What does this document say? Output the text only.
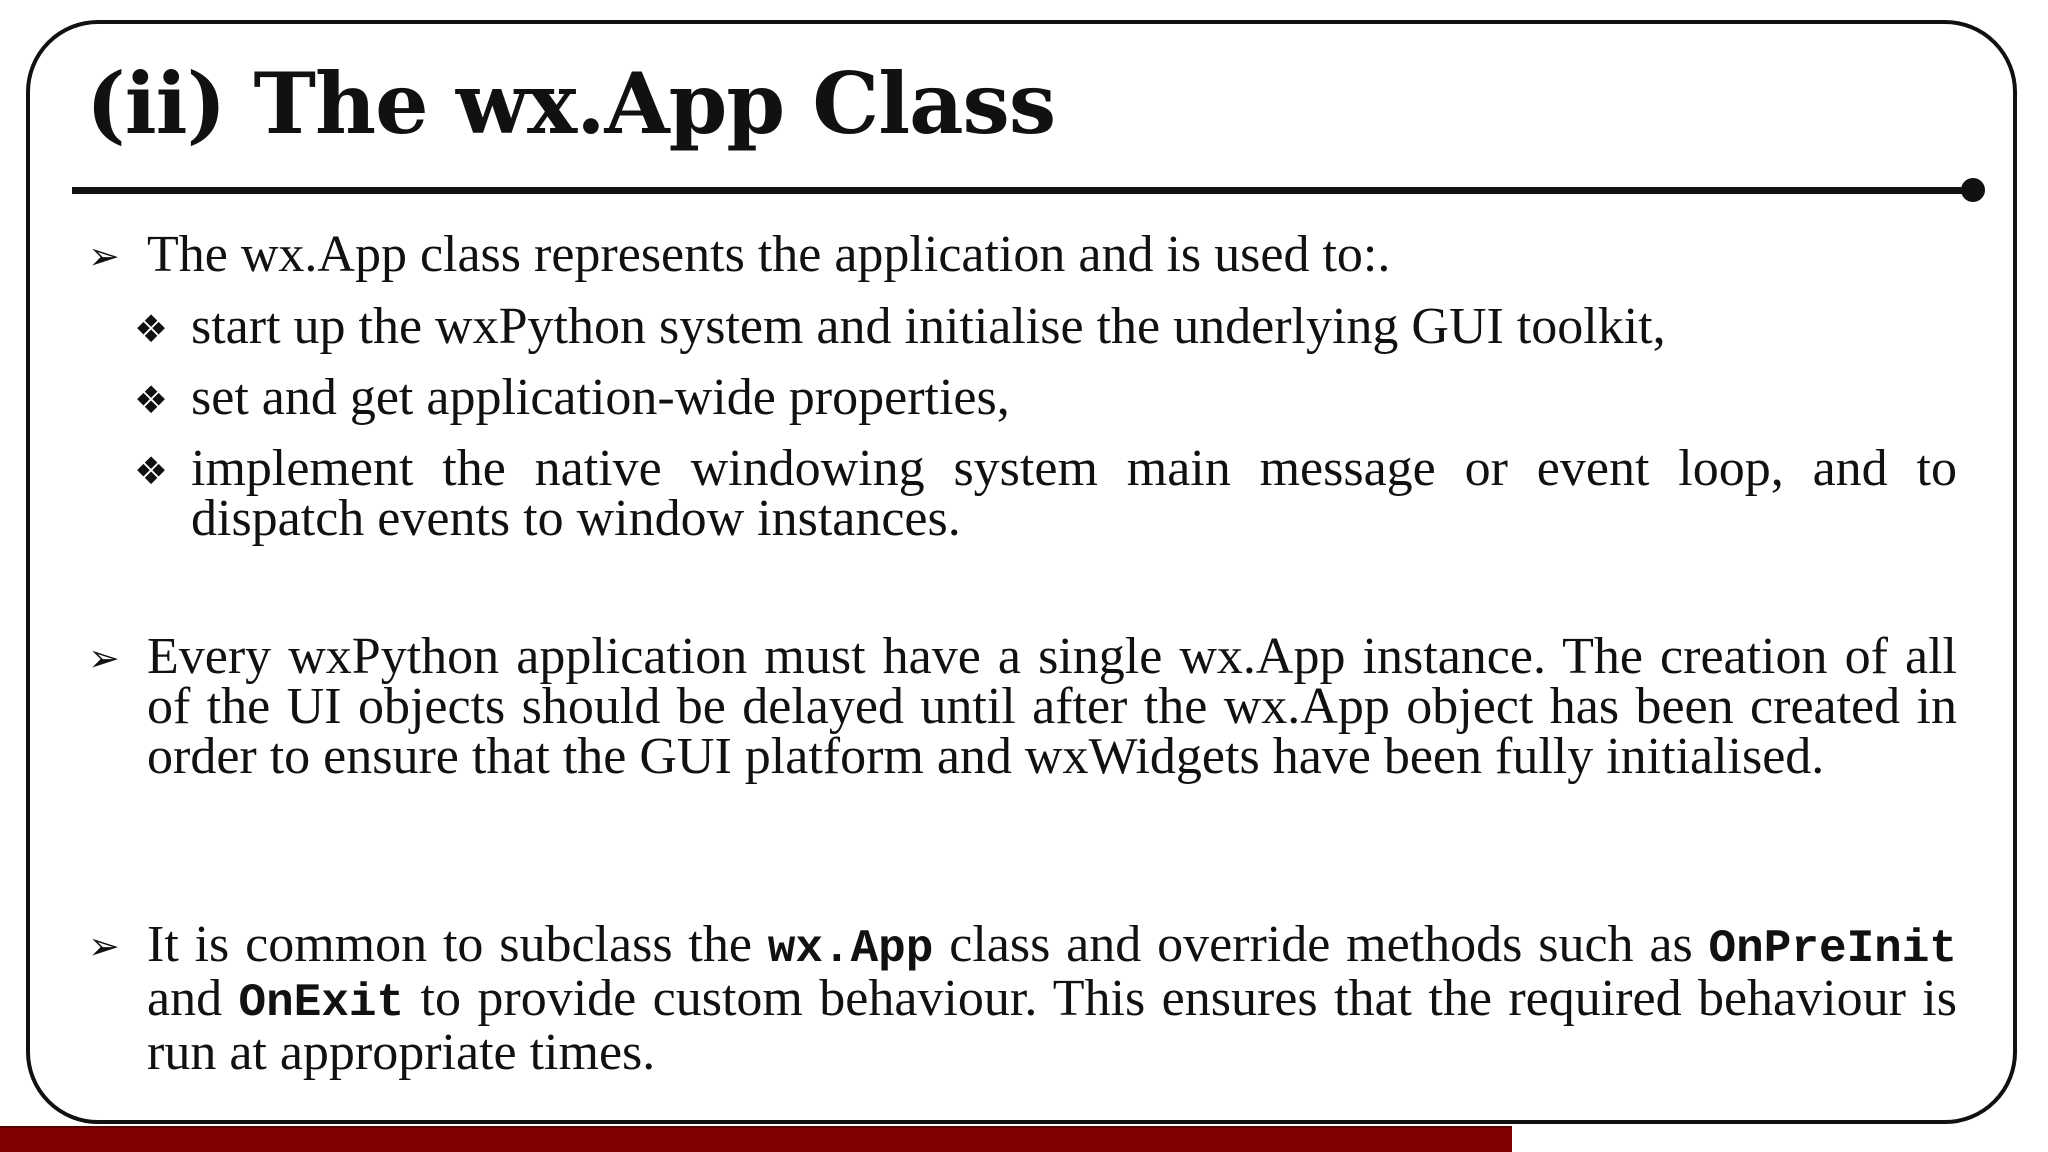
(ii) The wx.App Class
➢ The wx.App class represents the application and is used to:.
❖ start up the wxPython system and initialise the underlying GUI toolkit,
❖ set and get application-wide properties,
❖ implement the native windowing system main message or event loop, and to dispatch events to window instances.
➢ Every wxPython application must have a single wx.App instance. The creation of all of the UI objects should be delayed until after the wx.App object has been created in order to ensure that the GUI platform and wxWidgets have been fully initialised.
➢ It is common to subclass the wx.App class and override methods such as OnPreInit and OnExit to provide custom behaviour. This ensures that the required behaviour is run at appropriate times.
